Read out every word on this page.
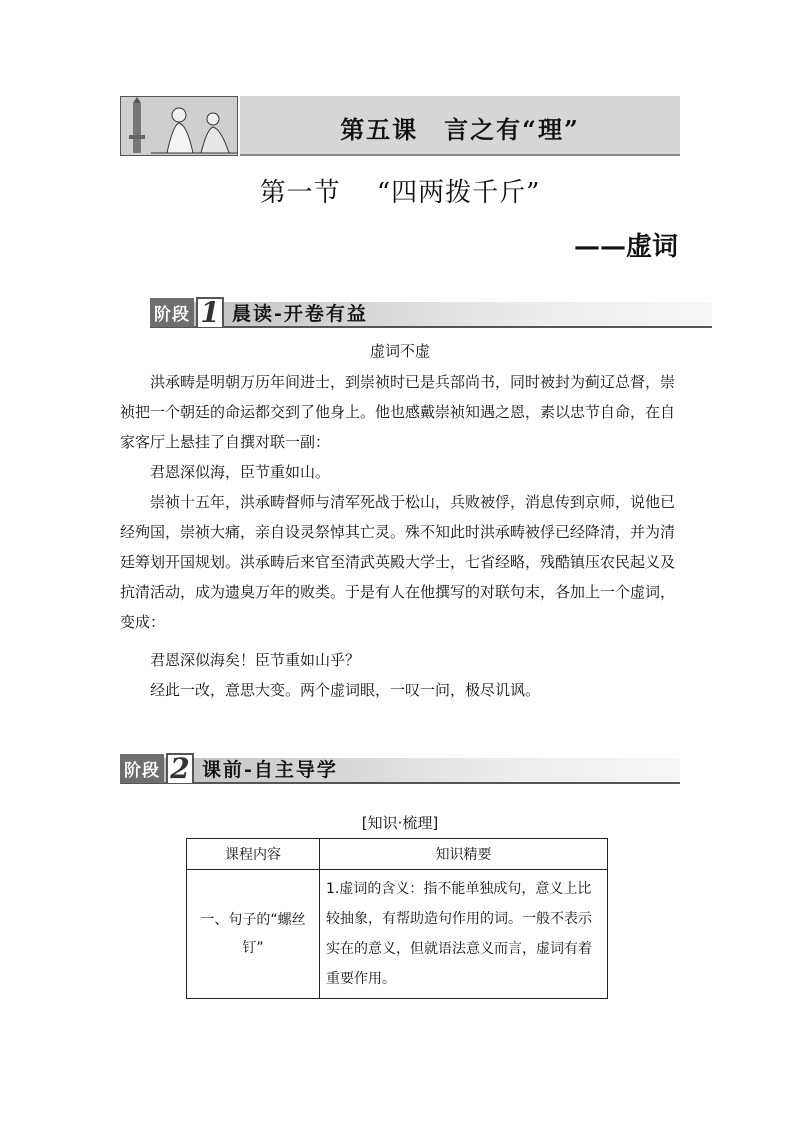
第五课　言之有“理”
第一节　 “四两拨千斤”
——虚词
阶段 1 晨读-开卷有益
虚词不虚

洪承畴是明朝万历年间进士，到崇祯时已是兵部尚书，同时被封为蓟辽总督，崇祯把一个朝廷的命运都交到了他身上。他也感戴崇祯知遇之恩，素以忠节自命，在自家客厅上悬挂了自撰对联一副：

君恩深似海，臣节重如山。

崇祯十五年，洪承畴督师与清军死战于松山，兵败被俘，消息传到京师，说他已经殉国，崇祯大痛，亲自设灵祭悼其亡灵。殊不知此时洪承畴被俘已经降清，并为清廷筹划开国规划。洪承畴后来官至清武英殿大学士，七省经略，残酷镇压农民起义及抗清活动，成为遗臭万年的败类。于是有人在他撰写的对联句末，各加上一个虚词，变成：

君恩深似海矣！臣节重如山乎？

经此一改，意思大变。两个虚词眼，一叹一问，极尽讥讽。

阶段 2 课前-自主导学
[知识·梳理]
课程内容	知识精要
一、句子的“螺丝钉”	1.虚词的含义：指不能单独成句，意义上比较抽象，有帮助造句作用的词。一般不表示实在的意义，但就语法意义而言，虚词有着重要作用。
